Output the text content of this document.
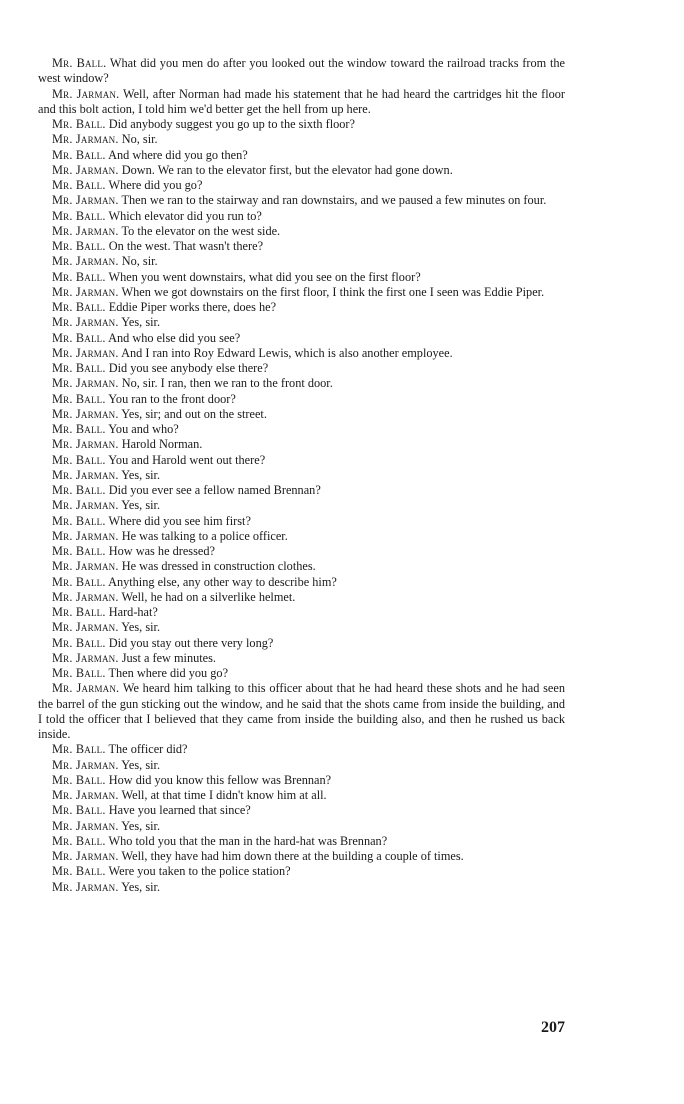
Mr. Ball. What did you men do after you looked out the window toward the railroad tracks from the west window?

Mr. Jarman. Well, after Norman had made his statement that he had heard the cartridges hit the floor and this bolt action, I told him we'd better get the hell from up here.

Mr. Ball. Did anybody suggest you go up to the sixth floor?

Mr. Jarman. No, sir.

Mr. Ball. And where did you go then?

Mr. Jarman. Down. We ran to the elevator first, but the elevator had gone down.

Mr. Ball. Where did you go?

Mr. Jarman. Then we ran to the stairway and ran downstairs, and we paused a few minutes on four.

Mr. Ball. Which elevator did you run to?

Mr. Jarman. To the elevator on the west side.

Mr. Ball. On the west. That wasn't there?

Mr. Jarman. No, sir.

Mr. Ball. When you went downstairs, what did you see on the first floor?

Mr. Jarman. When we got downstairs on the first floor, I think the first one I seen was Eddie Piper.

Mr. Ball. Eddie Piper works there, does he?

Mr. Jarman. Yes, sir.

Mr. Ball. And who else did you see?

Mr. Jarman. And I ran into Roy Edward Lewis, which is also another employee.

Mr. Ball. Did you see anybody else there?

Mr. Jarman. No, sir. I ran, then we ran to the front door.

Mr. Ball. You ran to the front door?

Mr. Jarman. Yes, sir; and out on the street.

Mr. Ball. You and who?

Mr. Jarman. Harold Norman.

Mr. Ball. You and Harold went out there?

Mr. Jarman. Yes, sir.

Mr. Ball. Did you ever see a fellow named Brennan?

Mr. Jarman. Yes, sir.

Mr. Ball. Where did you see him first?

Mr. Jarman. He was talking to a police officer.

Mr. Ball. How was he dressed?

Mr. Jarman. He was dressed in construction clothes.

Mr. Ball. Anything else, any other way to describe him?

Mr. Jarman. Well, he had on a silverlike helmet.

Mr. Ball. Hard-hat?

Mr. Jarman. Yes, sir.

Mr. Ball. Did you stay out there very long?

Mr. Jarman. Just a few minutes.

Mr. Ball. Then where did you go?

Mr. Jarman. We heard him talking to this officer about that he had heard these shots and he had seen the barrel of the gun sticking out the window, and he said that the shots came from inside the building, and I told the officer that I believed that they came from inside the building also, and then he rushed us back inside.

Mr. Ball. The officer did?

Mr. Jarman. Yes, sir.

Mr. Ball. How did you know this fellow was Brennan?

Mr. Jarman. Well, at that time I didn't know him at all.

Mr. Ball. Have you learned that since?

Mr. Jarman. Yes, sir.

Mr. Ball. Who told you that the man in the hard-hat was Brennan?

Mr. Jarman. Well, they have had him down there at the building a couple of times.

Mr. Ball. Were you taken to the police station?

Mr. Jarman. Yes, sir.

207
